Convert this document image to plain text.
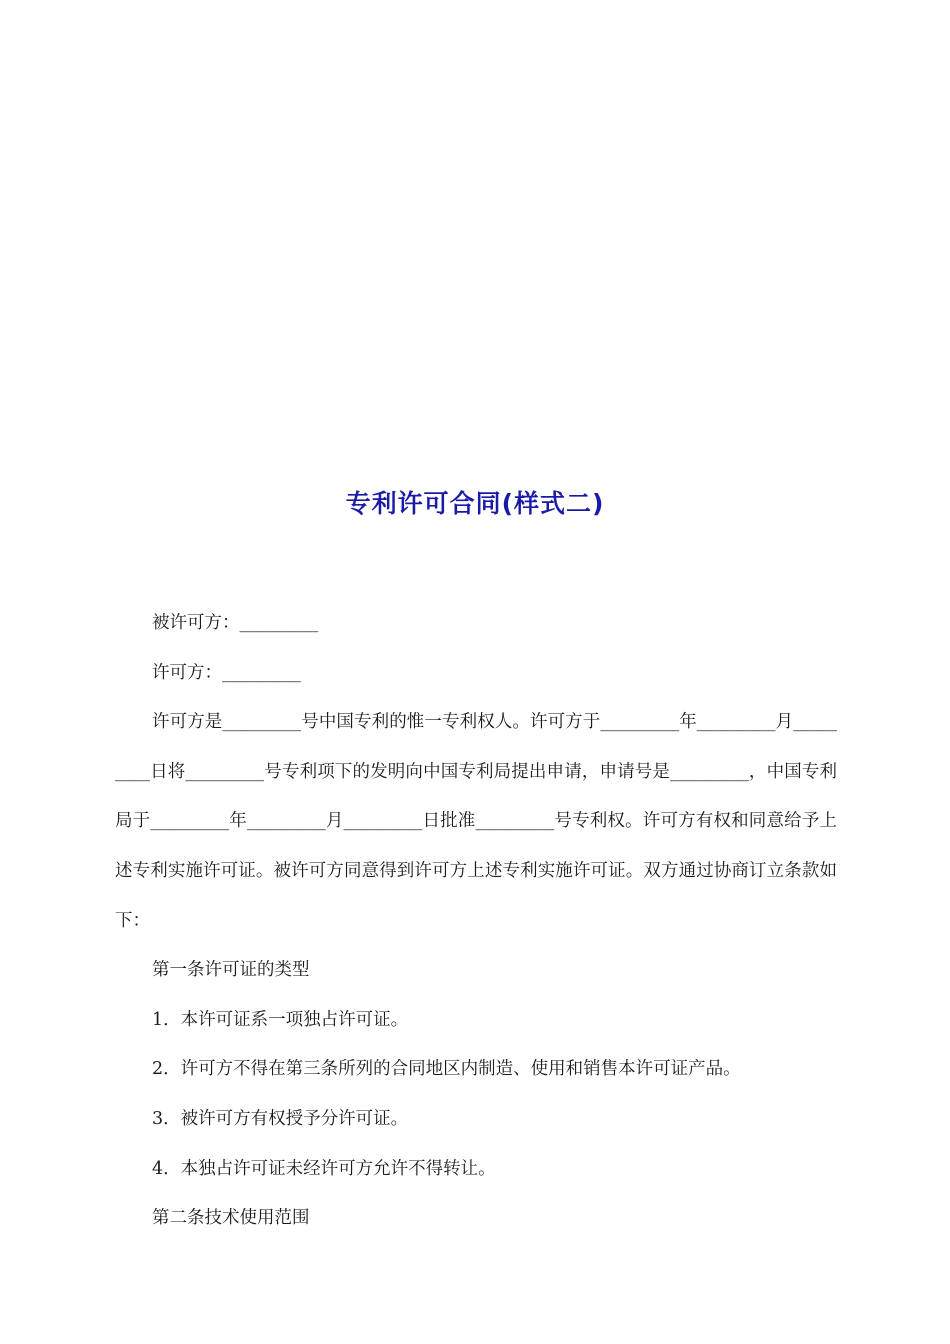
专利许可合同(样式二)

被许可方：_________

许可方：_________

许可方是_________号中国专利的惟一专利权人。许可方于_________年_________月_________日将_________号专利项下的发明向中国专利局提出申请，申请号是_________，中国专利局于_________年_________月_________日批准_________号专利权。许可方有权和同意给予上述专利实施许可证。被许可方同意得到许可方上述专利实施许可证。双方通过协商订立条款如下：

第一条许可证的类型

1．本许可证系一项独占许可证。

2．许可方不得在第三条所列的合同地区内制造、使用和销售本许可证产品。

3．被许可方有权授予分许可证。

4．本独占许可证未经许可方允许不得转让。

第二条技术使用范围
